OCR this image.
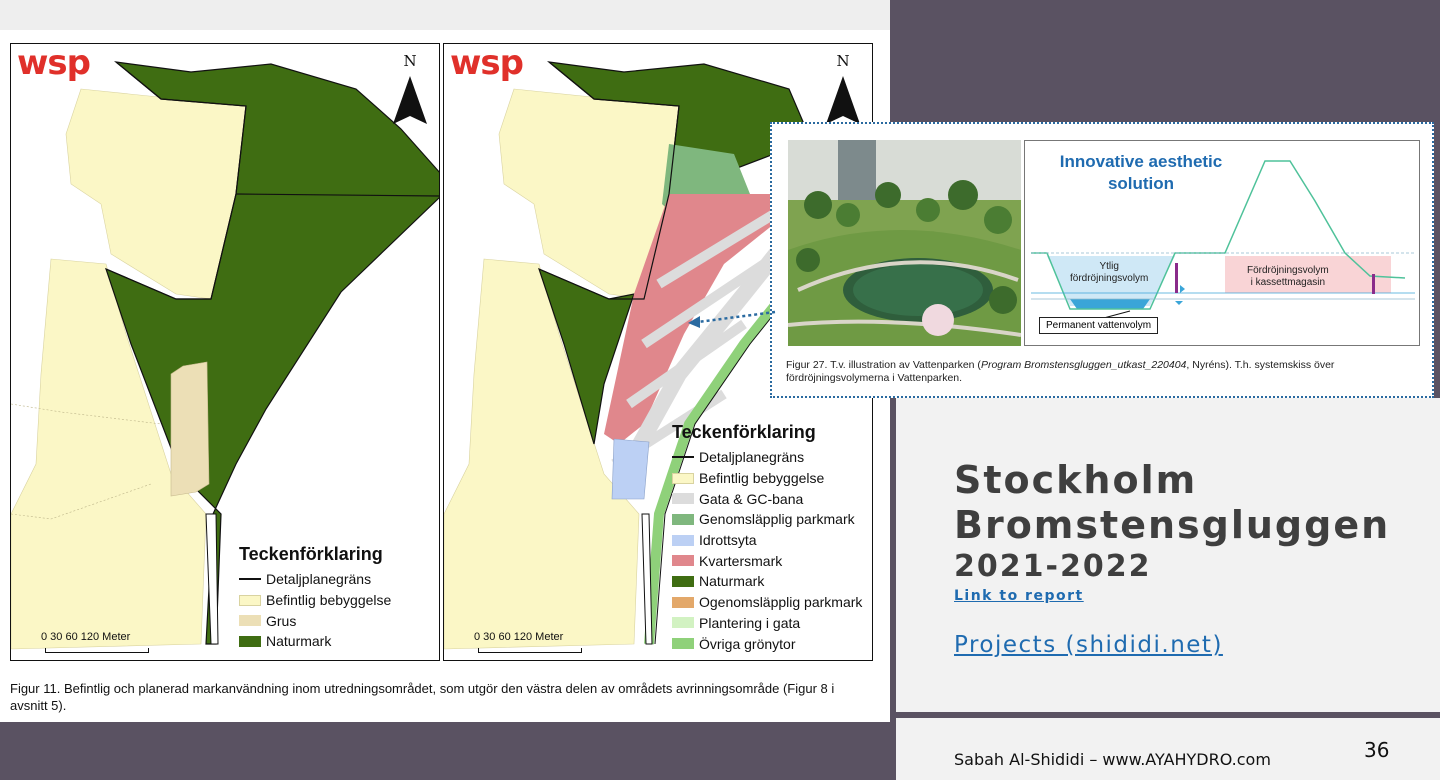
N
wsp
Teckenförklaring
Detaljplanegräns
Befintlig bebyggelse
Grus
Naturmark
0 30 60 120 Meter
N
wsp
Teckenförklaring
Detaljplanegräns
Befintlig bebyggelse
Gata & GC-bana
Genomsläpplig parkmark
Idrottsyta
Kvartersmark
Naturmark
Ogenomsläpplig parkmark
Plantering i gata
Övriga grönytor
0 30 60 120 Meter
Figur 11. Befintlig och planerad markanvändning inom utredningsområdet, som utgör den västra delen av områdets avrinningsområde (Figur 8 i avsnitt 5).
Stockholm
Bromstensgluggen
2021-2022
Link to report
Projects (shididi.net)
Sabah Al-Shididi – www.AYAHYDRO.com	36
Innovative aesthetic solution
Ytlig
fördröjningsvolym
Fördröjningsvolym
i kassettmagasin
Permanent vattenvolym
Figur 27. T.v. illustration av Vattenparken (Program Bromstensgluggen_utkast_220404, Nyréns). T.h. systemskiss över fördröjningsvolymerna i Vattenparken.
